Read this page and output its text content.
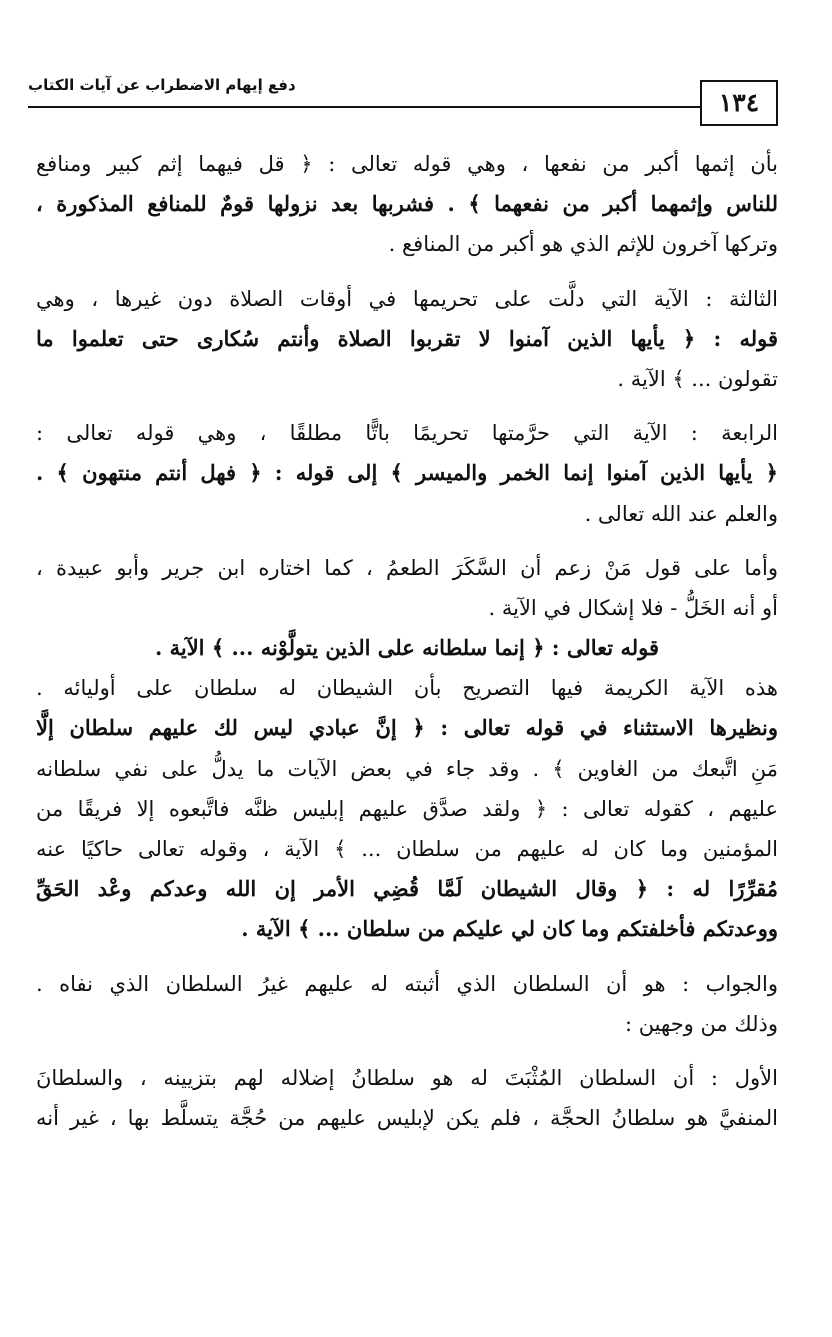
دفع إيهام الاضطراب عن آيات الكتاب
١٣٤
بأن إثمها أكبر من نفعها ، وهي قوله تعالى : ﴿ قل فيهما إثم كبير ومنافع
للناس وإثمهما أكبر من نفعهما ﴾ . فشربها بعد نزولها قومٌ للمنافع المذكورة ،
وتركها آخرون للإثم الذي هو أكبر من المنافع .
الثالثة : الآية التي دلَّت على تحريمها في أوقات الصلاة دون غيرها ، وهي
قوله : ﴿ يأيها الذين آمنوا لا تقربوا الصلاة وأنتم سُكارى حتى تعلموا ما
تقولون ... ﴾ الآية .
الرابعة : الآية التي حرَّمتها تحريمًا باتًّا مطلقًا ، وهي قوله تعالى :
﴿ يأيها الذين آمنوا إنما الخمر والميسر ﴾ إلى قوله : ﴿ فهل أنتم منتهون ﴾ .
والعلم عند الله تعالى .
وأما على قول مَنْ زعم أن السَّكَرَ الطعمُ ، كما اختاره ابن جرير وأبو عبيدة ،
أو أنه الخَلُّ - فلا إشكال في الآية .
قوله تعالى : ﴿ إنما سلطانه على الذين يتولَّوْنه ... ﴾ الآية .
هذه الآية الكريمة فيها التصريح بأن الشيطان له سلطان على أوليائه .
ونظيرها الاستثناء في قوله تعالى : ﴿ إنَّ عبادي ليس لك عليهم سلطان إلَّا
مَنِ اتَّبعك من الغاوين ﴾ . وقد جاء في بعض الآيات ما يدلُّ على نفي سلطانه
عليهم ، كقوله تعالى : ﴿ ولقد صدَّق عليهم إبليس ظنَّه فاتَّبعوه إلا فريقًا من
المؤمنين وما كان له عليهم من سلطان ... ﴾ الآية ، وقوله تعالى حاكيًا عنه
مُقرِّرًا له : ﴿ وقال الشيطان لَمَّا قُضِي الأمر إن الله وعدكم وعْد الحَقِّ
ووعدتكم فأخلفتكم وما كان لي عليكم من سلطان ... ﴾ الآية .
والجواب : هو أن السلطان الذي أثبته له عليهم غيرُ السلطان الذي نفاه .
وذلك من وجهين :
الأول : أن السلطان المُثْبَتَ له هو سلطانُ إضلاله لهم بتزيينه ، والسلطانَ
المنفيَّ هو سلطانُ الحجَّة ، فلم يكن لإبليس عليهم من حُجَّة يتسلَّط بها ، غير أنه
